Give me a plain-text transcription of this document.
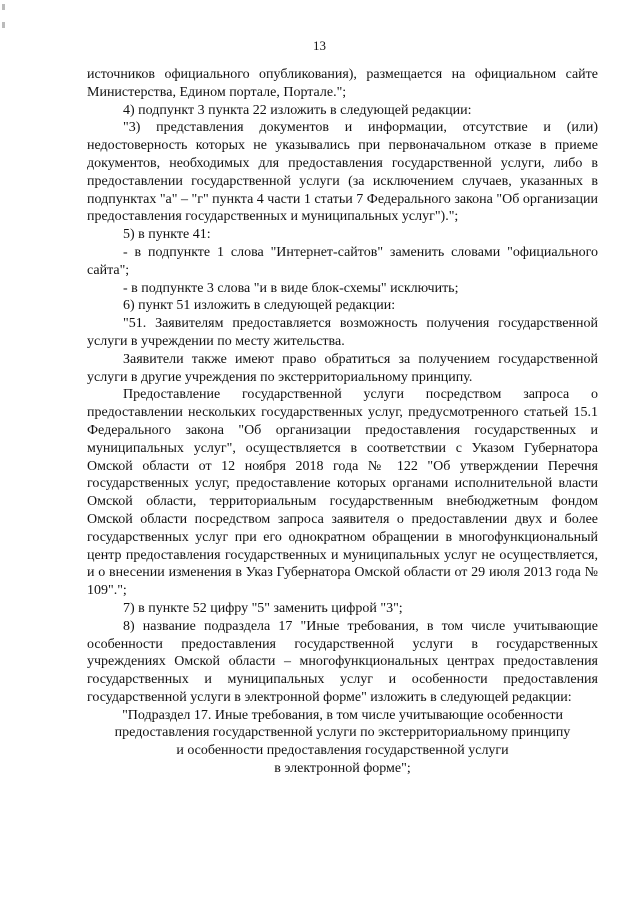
13

источников официального опубликования), размещается на официальном сайте Министерства, Едином портале, Портале.";

4) подпункт 3 пункта 22 изложить в следующей редакции:

"3) представления документов и информации, отсутствие и (или) недостоверность которых не указывались при первоначальном отказе в приеме документов, необходимых для предоставления государственной услуги, либо в предоставлении государственной услуги (за исключением случаев, указанных в подпунктах "а" – "г" пункта 4 части 1 статьи 7 Федерального закона "Об организации предоставления государственных и муниципальных услуг").";

5) в пункте 41:

- в подпункте 1 слова "Интернет-сайтов" заменить словами "официального сайта";

- в подпункте 3 слова "и в виде блок-схемы" исключить;

6) пункт 51 изложить в следующей редакции:

"51. Заявителям предоставляется возможность получения государственной услуги в учреждении по месту жительства.

Заявители также имеют право обратиться за получением государственной услуги в другие учреждения по экстерриториальному принципу.

Предоставление государственной услуги посредством запроса о предоставлении нескольких государственных услуг, предусмотренного статьей 15.1 Федерального закона "Об организации предоставления государственных и муниципальных услуг", осуществляется в соответствии с Указом Губернатора Омской области от 12 ноября 2018 года № 122 "Об утверждении Перечня государственных услуг, предоставление которых органами исполнительной власти Омской области, территориальным государственным внебюджетным фондом Омской области посредством запроса заявителя о предоставлении двух и более государственных услуг при его однократном обращении в многофункциональный центр предоставления государственных и муниципальных услуг не осуществляется, и о внесении изменения в Указ Губернатора Омской области от 29 июля 2013 года № 109".";

7) в пункте 52 цифру "5" заменить цифрой "3";

8) название подраздела 17 "Иные требования, в том числе учитывающие особенности предоставления государственной услуги в государственных учреждениях Омской области – многофункциональных центрах предоставления государственных и муниципальных услуг и особенности предоставления государственной услуги в электронной форме" изложить в следующей редакции:

"Подраздел 17. Иные требования, в том числе учитывающие особенности

предоставления государственной услуги по экстерриториальному принципу

и особенности предоставления государственной услуги

в электронной форме";
